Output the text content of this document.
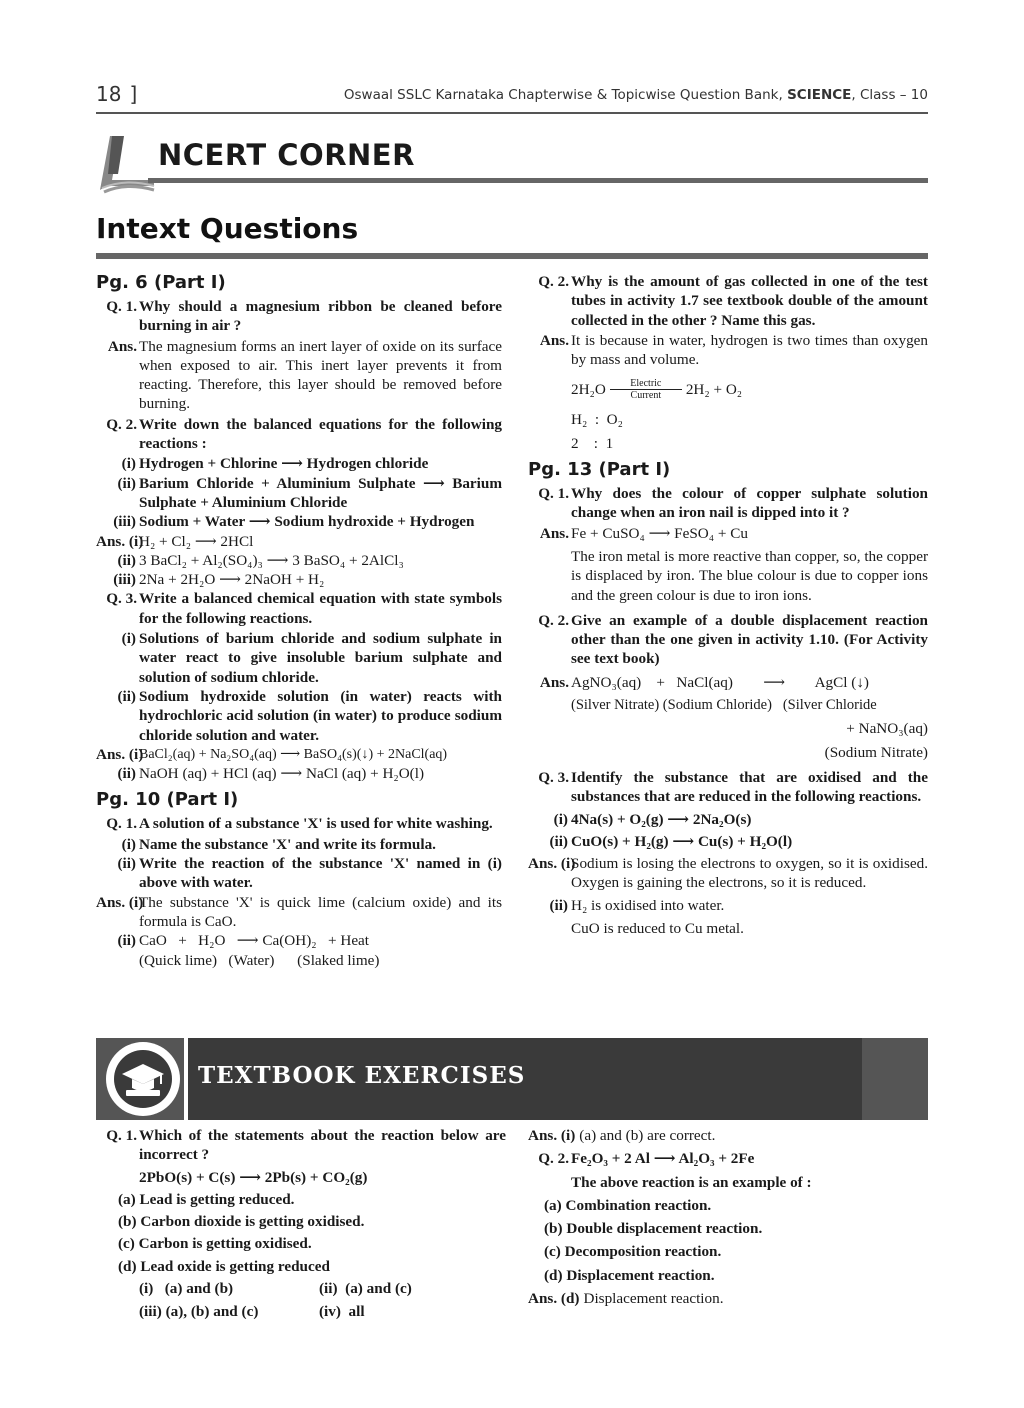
18 ]	Oswaal SSLC Karnataka Chapterwise & Topicwise Question Bank, SCIENCE, Class – 10
NCERT CORNER
Intext Questions
Pg. 6 (Part I)
Q. 1. Why should a magnesium ribbon be cleaned before burning in air ?
Ans. The magnesium forms an inert layer of oxide on its surface when exposed to air. This inert layer prevents it from reacting. Therefore, this layer should be removed before burning.
Q. 2. Write down the balanced equations for the following reactions :
(i) Hydrogen + Chlorine ⟶ Hydrogen chloride
(ii) Barium Chloride + Aluminium Sulphate ⟶ Barium Sulphate + Aluminium Chloride
(iii) Sodium + Water ⟶ Sodium hydroxide + Hydrogen
Ans. (i)
H₂ + Cl₂ ⟶ 2HCl
(ii) 3 BaCl₂ + Al₂(SO₄)₃ ⟶ 3 BaSO₄ + 2AlCl₃
(iii) 2Na + 2H₂O ⟶ 2NaOH + H₂
Q. 3. Write a balanced chemical equation with state symbols for the following reactions.
(i) Solutions of barium chloride and sodium sulphate in water react to give insoluble barium sulphate and solution of sodium chloride.
(ii) Sodium hydroxide solution (in water) reacts with hydrochloric acid solution (in water) to produce sodium chloride solution and water.
Ans. (i)
BaCl₂(aq) + Na₂SO₄(aq) ⟶ BaSO₄(s)(↓) + 2NaCl(aq)
(ii) NaOH (aq) + HCl (aq) ⟶ NaCl (aq) + H₂O(l)
Pg. 10 (Part I)
Q. 1. A solution of a substance 'X' is used for white washing.
(i) Name the substance 'X' and write its formula.
(ii) Write the reaction of the substance 'X' named in (i) above with water.
Ans. (i)
The substance 'X' is quick lime (calcium oxide) and its formula is CaO.
(ii) CaO   +   H₂O   ⟶ Ca(OH)₂   + Heat
(Quick lime)   (Water)      (Slaked lime)
Q. 2. Why is the amount of gas collected in one of the test tubes in activity 1.7 see textbook double of the amount collected in the other ? Name this gas.
Ans. It is because in water, hydrogen is two times than oxygen by mass and volume.
2H₂O Electric
Current 2H₂ + O₂
H₂  :  O₂
2    :  1
Pg. 13 (Part I)
Q. 1. Why does the colour of copper sulphate solution change when an iron nail is dipped into it ?
Ans. Fe + CuSO₄ ⟶ FeSO₄ + Cu
The iron metal is more reactive than copper, so, the copper is displaced by iron. The blue colour is due to copper ions and the green colour is due to iron ions.
Q. 2. Give an example of a double displacement reaction other than the one given in activity 1.10. (For Activity see text book)
Ans. AgNO₃(aq)    +   NaCl(aq)        ⟶        AgCl (↓)
(Silver Nitrate) (Sodium Chloride)   (Silver Chloride
+ NaNO₃(aq)
(Sodium Nitrate)
Q. 3. Identify the substance that are oxidised and the substances that are reduced in the following reactions.
(i) 4Na(s) + O₂(g) ⟶ 2Na₂O(s)
(ii) CuO(s) + H₂(g) ⟶ Cu(s) + H₂O(l)
Ans. (i)
Sodium is losing the electrons to oxygen, so it is oxidised. Oxygen is gaining the electrons, so it is reduced.
(ii) H₂ is oxidised into water.
CuO is reduced to Cu metal.
TEXTBOOK EXERCISES
Q. 1. Which of the statements about the reaction below are incorrect ?
2PbO(s) + C(s) ⟶ 2Pb(s) + CO₂(g)
(a) Lead is getting reduced.
(b) Carbon dioxide is getting oxidised.
(c) Carbon is getting oxidised.
(d) Lead oxide is getting reduced
(i)   (a) and (b)	(ii)  (a) and (c)
(iii) (a), (b) and (c)	(iv)  all
Ans. (i) (a) and (b) are correct.
Q. 2. Fe₂O₃ + 2 Al ⟶ Al₂O₃ + 2Fe
The above reaction is an example of :
(a) Combination reaction.
(b) Double displacement reaction.
(c) Decomposition reaction.
(d) Displacement reaction.
Ans. (d) Displacement reaction.
